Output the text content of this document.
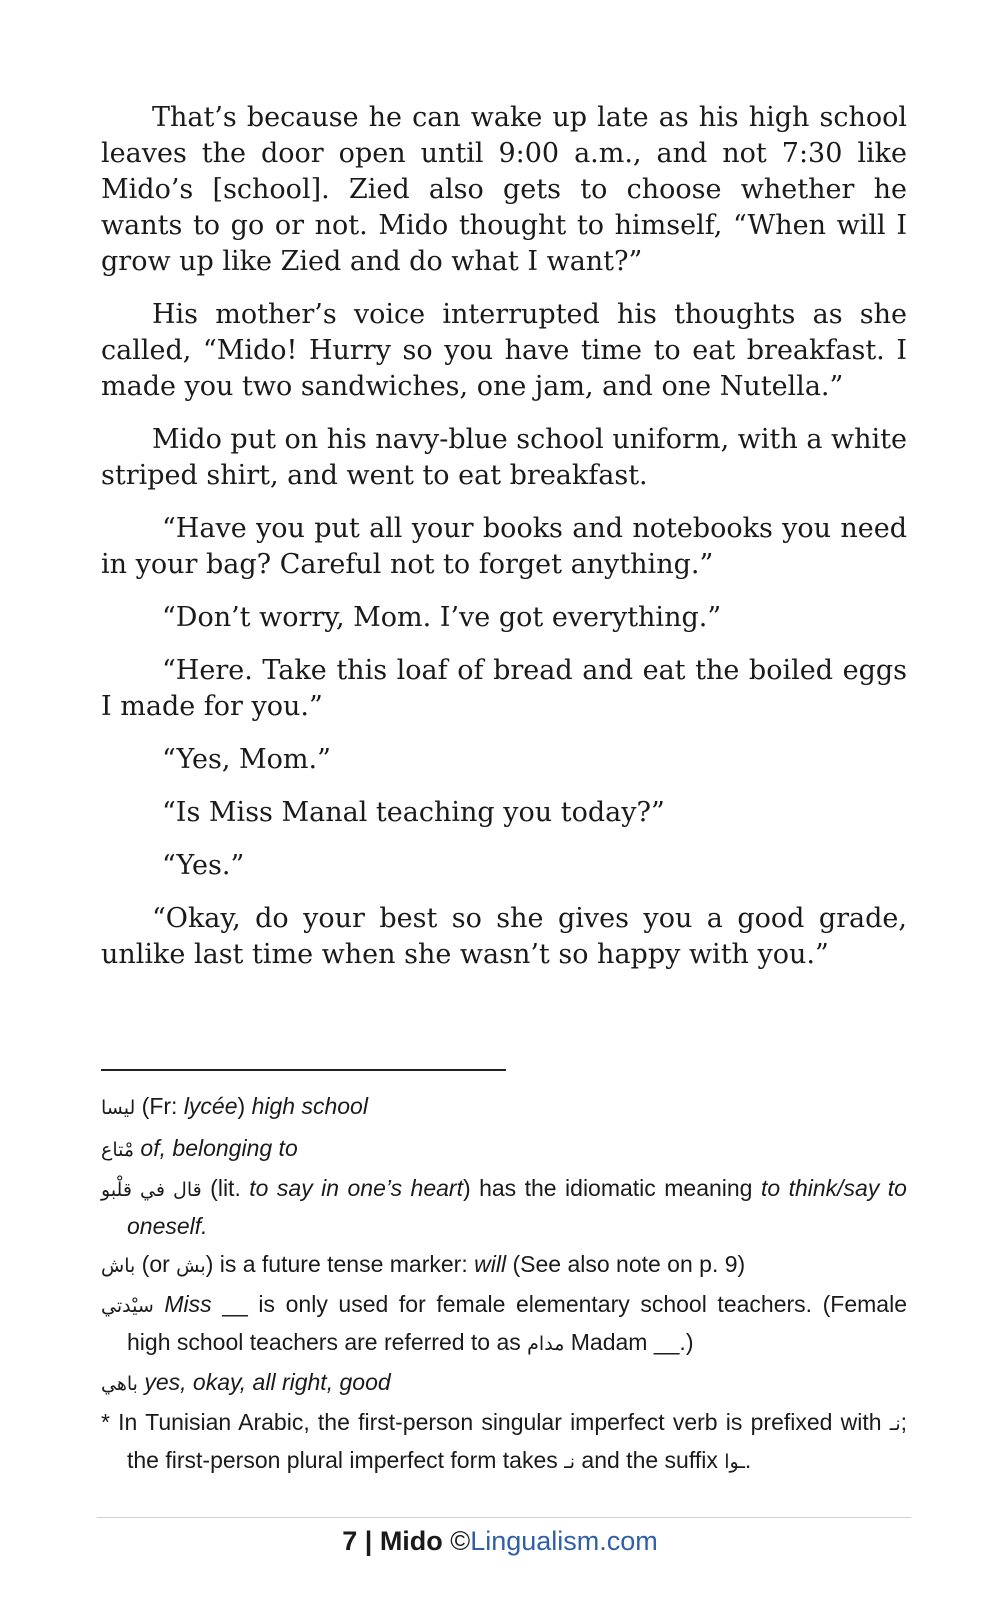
That’s because he can wake up late as his high school leaves the door open until 9:00 a.m., and not 7:30 like Mido’s [school]. Zied also gets to choose whether he wants to go or not. Mido thought to himself, “When will I grow up like Zied and do what I want?”

His mother’s voice interrupted his thoughts as she called, “Mido! Hurry so you have time to eat breakfast. I made you two sandwiches, one jam, and one Nutella.”

Mido put on his navy-blue school uniform, with a white striped shirt, and went to eat breakfast.

“Have you put all your books and notebooks you need in your bag? Careful not to forget anything.”

“Don’t worry, Mom. I’ve got everything.”

“Here. Take this loaf of bread and eat the boiled eggs I made for you.”

“Yes, Mom.”

“Is Miss Manal teaching you today?”

“Yes.”

“Okay, do your best so she gives you a good grade, unlike last time when she wasn’t so happy with you.”

ليسا (Fr: lycée) high school

مْتاع of, belonging to

قال في قلْبو (lit. to say in one’s heart) has the idiomatic meaning to think/say to oneself.

باش (or بش) is a future tense marker: will (See also note on p. 9)

سيْدتي Miss __ is only used for female elementary school teachers. (Female high school teachers are referred to as مدام Madam __.)

باهي yes, okay, all right, good

* In Tunisian Arabic, the first-person singular imperfect verb is prefixed with نـ; the first-person plural imperfect form takes نـ and the suffix ـوا.

7 | Mido ©Lingualism.com
